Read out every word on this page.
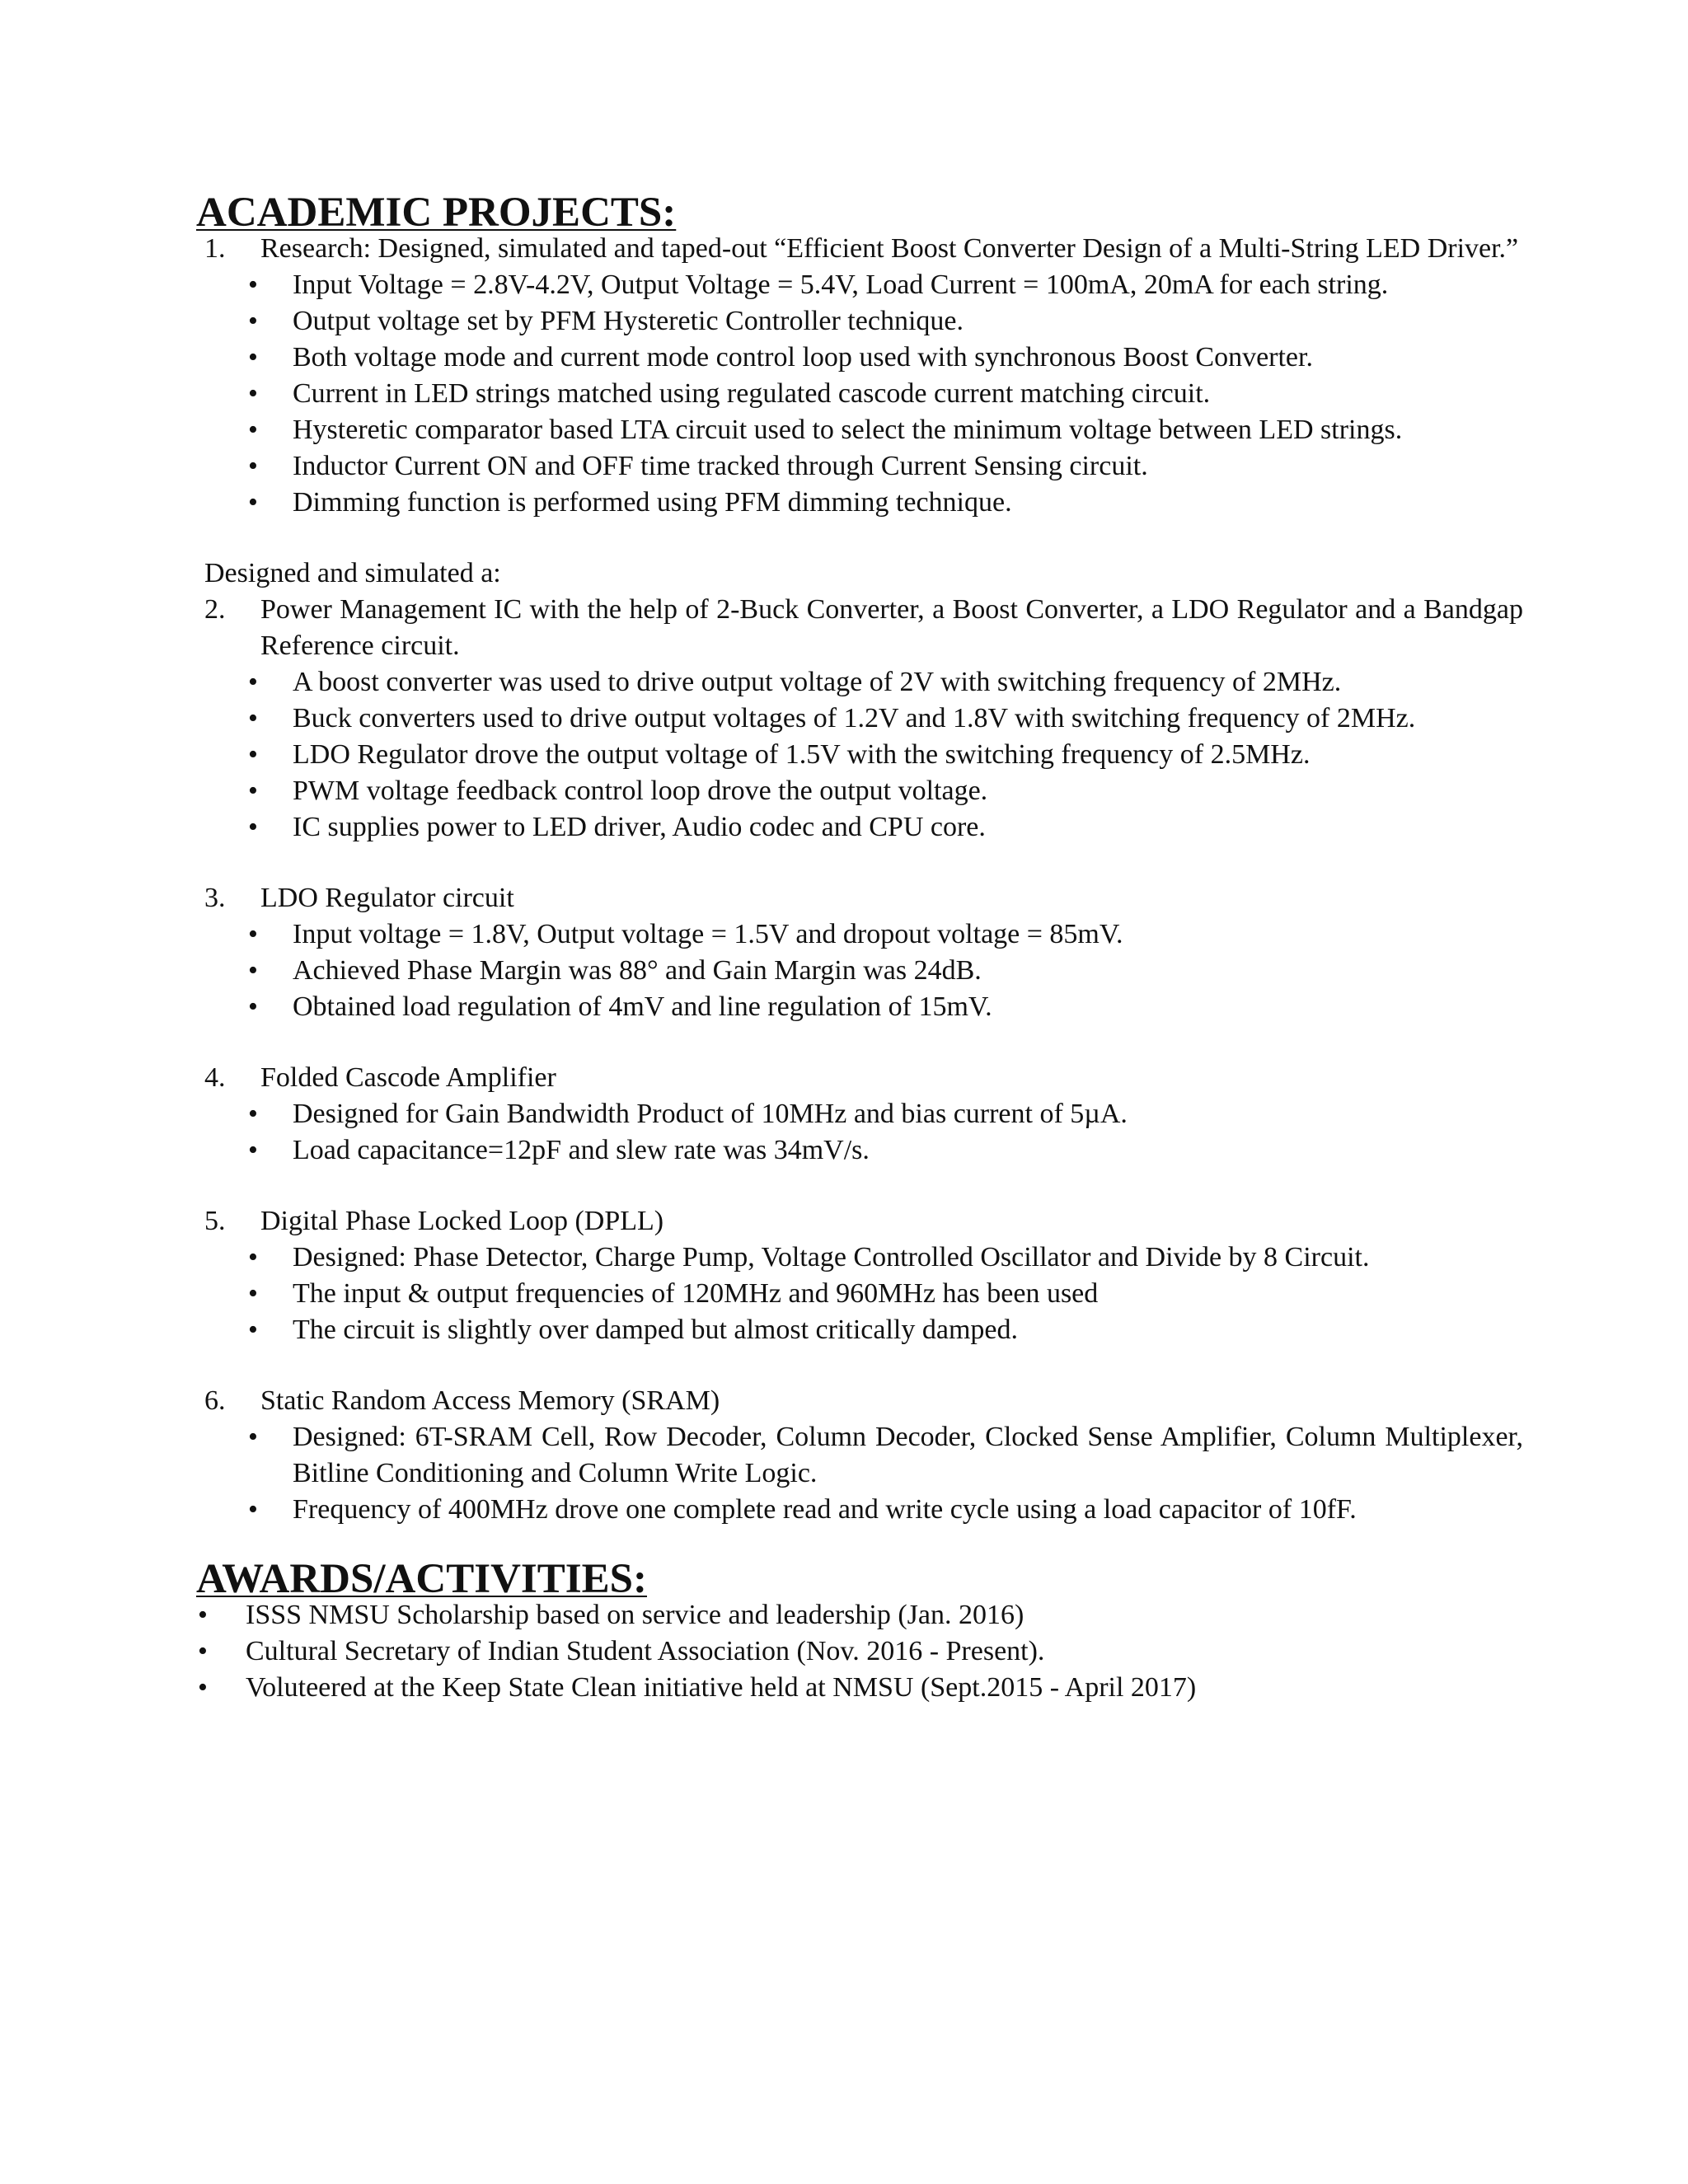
ACADEMIC PROJECTS:
1.	Research: Designed, simulated and taped-out “Efficient Boost Converter Design of a Multi-String LED Driver.”
•	Input Voltage = 2.8V-4.2V, Output Voltage = 5.4V, Load Current = 100mA, 20mA for each string.
•	Output voltage set by PFM Hysteretic Controller technique.
•	Both voltage mode and current mode control loop used with synchronous Boost Converter.
•	Current in LED strings matched using regulated cascode current matching circuit.
•	Hysteretic comparator based LTA circuit used to select the minimum voltage between LED strings.
•	Inductor Current ON and OFF time tracked through Current Sensing circuit.
•	Dimming function is performed using PFM dimming technique.

Designed and simulated a:

2.	Power Management IC with the help of 2-Buck Converter, a Boost Converter, a LDO Regulator and a Bandgap Reference circuit.
•	A boost converter was used to drive output voltage of 2V with switching frequency of 2MHz.
•	Buck converters used to drive output voltages of 1.2V and 1.8V with switching frequency of 2MHz.
•	LDO Regulator drove the output voltage of 1.5V with the switching frequency of 2.5MHz.
•	PWM voltage feedback control loop drove the output voltage.
•	IC supplies power to LED driver, Audio codec and CPU core.
3.	LDO Regulator circuit
•	Input voltage = 1.8V, Output voltage = 1.5V and dropout voltage = 85mV.
•	Achieved Phase Margin was 88° and Gain Margin was 24dB.
•	Obtained load regulation of 4mV and line regulation of 15mV.
4.	Folded Cascode Amplifier
•	Designed for Gain Bandwidth Product of 10MHz and bias current of 5µA.
•	Load capacitance=12pF and slew rate was 34mV/s.
5.	Digital Phase Locked Loop (DPLL)
•	Designed: Phase Detector, Charge Pump, Voltage Controlled Oscillator and Divide by 8 Circuit.
•	The input & output frequencies of 120MHz and 960MHz has been used
•	The circuit is slightly over damped but almost critically damped.
6.	Static Random Access Memory (SRAM)
•	Designed: 6T-SRAM Cell, Row Decoder, Column Decoder, Clocked Sense Amplifier, Column Multiplexer, Bitline Conditioning and Column Write Logic.
•	Frequency of 400MHz drove one complete read and write cycle using a load capacitor of 10fF.
AWARDS/ACTIVITIES:
•	ISSS NMSU Scholarship based on service and leadership (Jan. 2016)
•	Cultural Secretary of Indian Student Association (Nov. 2016 - Present).
•	Voluteered at the Keep State Clean initiative held at NMSU (Sept.2015 - April 2017)
